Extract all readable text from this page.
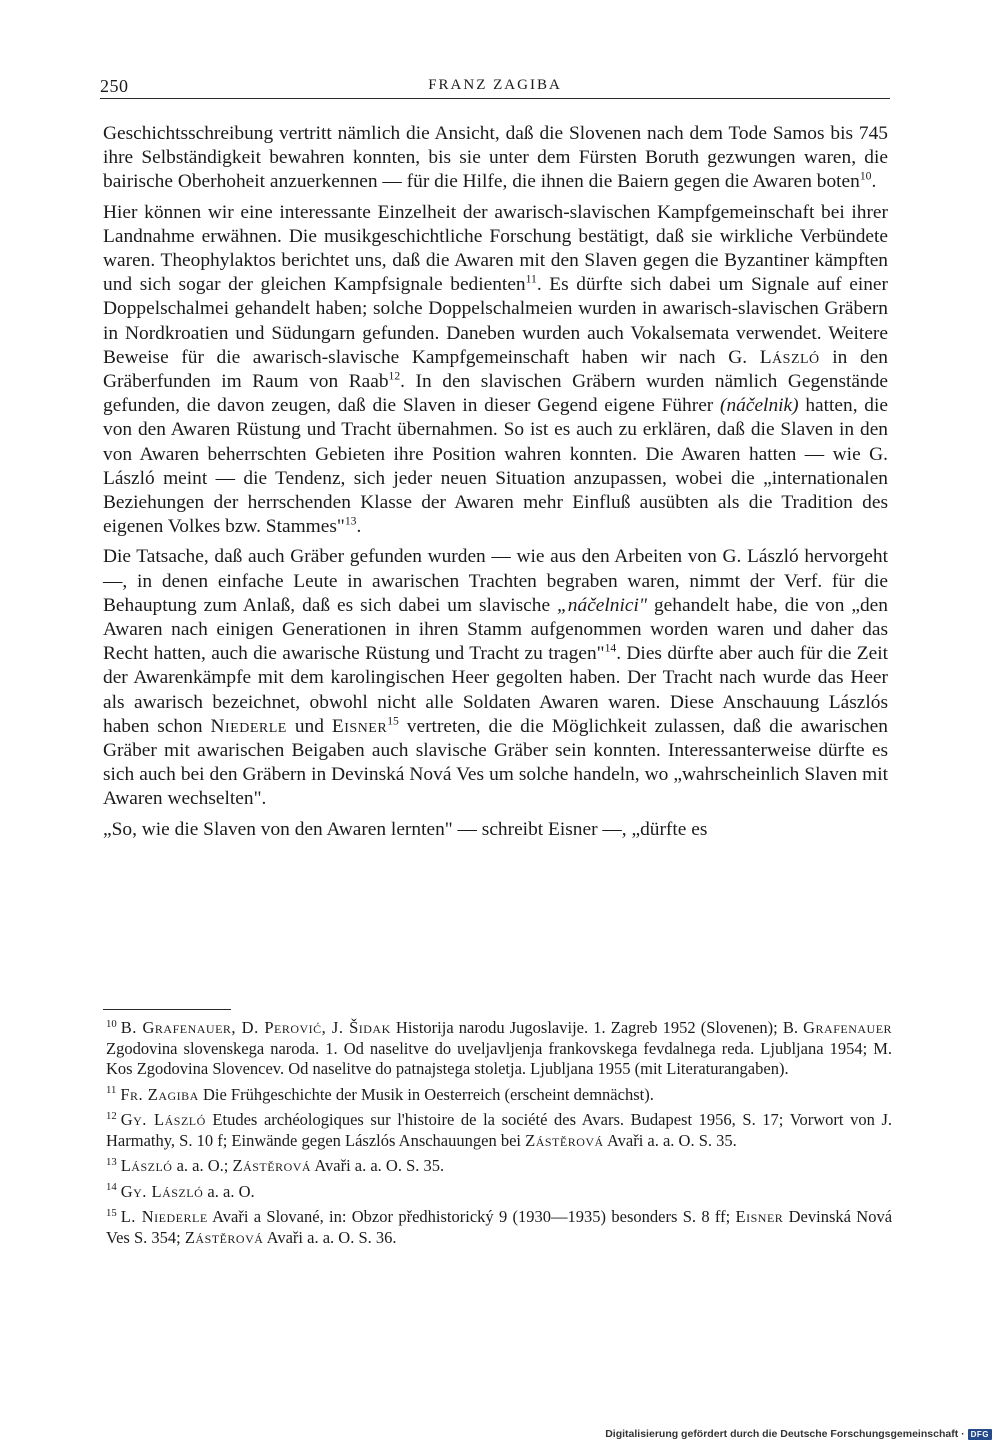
250	FRANZ ZAGIBA

Geschichtsschreibung vertritt nämlich die Ansicht, daß die Slovenen nach dem Tode Samos bis 745 ihre Selbständigkeit bewahren konnten, bis sie unter dem Fürsten Boruth gezwungen waren, die bairische Oberhoheit anzuerkennen — für die Hilfe, die ihnen die Baiern gegen die Awaren boten$^{10}$.

Hier können wir eine interessante Einzelheit der awarisch-slavischen Kampfgemeinschaft bei ihrer Landnahme erwähnen. Die musikgeschichtliche Forschung bestätigt, daß sie wirkliche Verbündete waren. Theophylaktos berichtet uns, daß die Awaren mit den Slaven gegen die Byzantiner kämpften und sich sogar der gleichen Kampfsignale bedienten$^{11}$. Es dürfte sich dabei um Signale auf einer Doppelschalmei gehandelt haben; solche Doppelschalmeien wurden in awarisch-slavischen Gräbern in Nordkroatien und Südungarn gefunden. Daneben wurden auch Vokalsemata verwendet. Weitere Beweise für die awarisch-slavische Kampfgemeinschaft haben wir nach G. László in den Gräberfunden im Raum von Raab$^{12}$. In den slavischen Gräbern wurden nämlich Gegenstände gefunden, die davon zeugen, daß die Slaven in dieser Gegend eigene Führer (náčelnik) hatten, die von den Awaren Rüstung und Tracht übernahmen. So ist es auch zu erklären, daß die Slaven in den von Awaren beherrschten Gebieten ihre Position wahren konnten. Die Awaren hatten — wie G. László meint — die Tendenz, sich jeder neuen Situation anzupassen, wobei die „internationalen Beziehungen der herrschenden Klasse der Awaren mehr Einfluß ausübten als die Tradition des eigenen Volkes bzw. Stammes"$^{13}$.

Die Tatsache, daß auch Gräber gefunden wurden — wie aus den Arbeiten von G. László hervorgeht —, in denen einfache Leute in awarischen Trachten begraben waren, nimmt der Verf. für die Behauptung zum Anlaß, daß es sich dabei um slavische „náčelnici" gehandelt habe, die von „den Awaren nach einigen Generationen in ihren Stamm aufgenommen worden waren und daher das Recht hatten, auch die awarische Rüstung und Tracht zu tragen"$^{14}$. Dies dürfte aber auch für die Zeit der Awarenkämpfe mit dem karolingischen Heer gegolten haben. Der Tracht nach wurde das Heer als awarisch bezeichnet, obwohl nicht alle Soldaten Awaren waren. Diese Anschauung Lászlós haben schon Niederle und Eisner$^{15}$ vertreten, die die Möglichkeit zulassen, daß die awarischen Gräber mit awarischen Beigaben auch slavische Gräber sein konnten. Interessanterweise dürfte es sich auch bei den Gräbern in Devinská Nová Ves um solche handeln, wo „wahrscheinlich Slaven mit Awaren wechselten".

„So, wie die Slaven von den Awaren lernten" — schreibt Eisner —, „dürfte es

$^{10}$ B. Grafenauer, D. Perović, J. Šidak Historija narodu Jugoslavije. 1. Zagreb 1952 (Slovenen); B. Grafenauer Zgodovina slovenskega naroda. 1. Od naselitve do uveljavljenja frankovskega fevdalnega reda. Ljubljana 1954; M. Kos Zgodovina Slovencev. Od naselitve do patnajstega stoletja. Ljubljana 1955 (mit Literaturangaben).

$^{11}$ Fr. Zagiba Die Frühgeschichte der Musik in Oesterreich (erscheint demnächst).

$^{12}$ Gy. László Etudes archéologiques sur l'histoire de la société des Avars. Budapest 1956, S. 17; Vorwort von J. Harmathy, S. 10 f; Einwände gegen Lászlós Anschauungen bei Zástěrová Avaři a. a. O. S. 35.

$^{13}$ László a. a. O.; Zástěrová Avaři a. a. O. S. 35.

$^{14}$ Gy. László a. a. O.

$^{15}$ L. Niederle Avaři a Slované, in: Obzor předhistorický 9 (1930—1935) besonders S. 8 ff; Eisner Devinská Nová Ves S. 354; Zástěrová Avaři a. a. O. S. 36.

Digitalisierung gefördert durch die Deutsche Forschungsgemeinschaft · DFG
